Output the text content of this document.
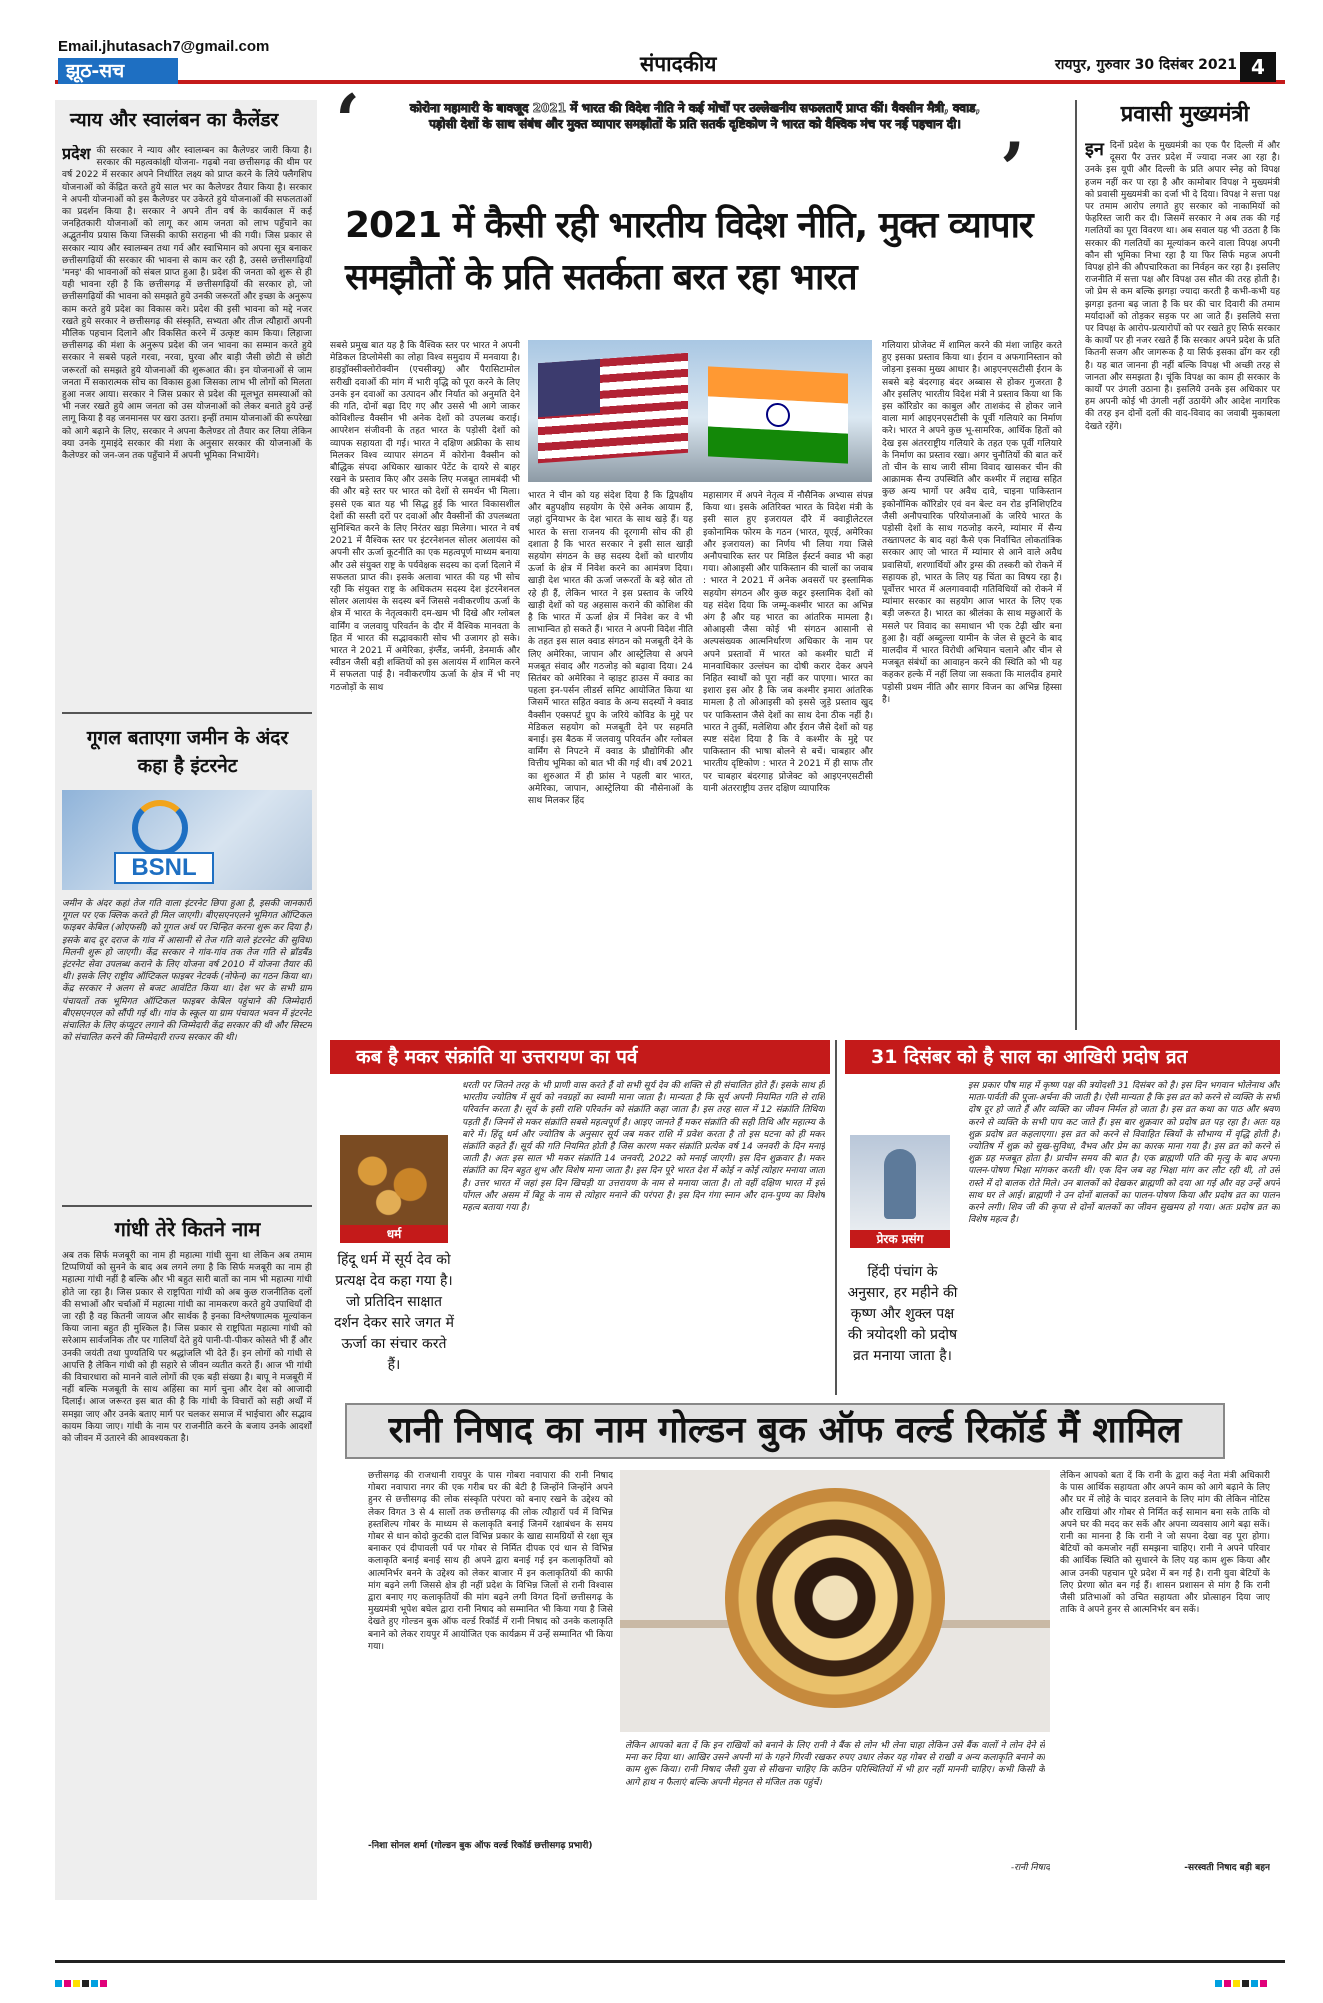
Email.jhutasach7@gmail.com
झूठ-सच	संपादकीय	रायपुर, गुरुवार 30 दिसंबर 2021 4
न्याय और स्वालंबन का कैलेंडर
प्रदेश की सरकार ने न्याय और स्वालम्बन का कैलेण्डर जारी किया है। सरकार की महत्वकांक्षी योजना- गढ़बो नवा छत्तीसगढ़ की थीम पर वर्ष 2022 में सरकार अपने निर्धारित लक्ष्य को प्राप्त करने के लिये फ्लैगशिप योजनाओं को केंद्रित करते हुये साल भर का कैलेण्डर तैयार किया है। सरकार ने अपनी योजनाओं को इस कैलेण्डर पर उकेरते हुये योजनाओं की सफलताओं का प्रदर्शन किया है। सरकार ने अपने तीन वर्ष के कार्यकाल में कई जनहितकारी योजनाओं को लागू कर आम जनता को लाभ पहुँचाने का अद्भुतनीय प्रयास किया जिसकी काफी सराहना भी की गयी। जिस प्रकार से सरकार न्याय और स्वालम्बन तथा गर्व और स्वाभिमान को अपना सूत्र बनाकर छत्तीसगढ़ियों की सरकार की भावना से काम कर रही है, उससे छत्तीसगढ़ियाँ 'मनइ' की भावनाओं को संबल प्राप्त हुआ है। प्रदेश की जनता को शुरू से ही यही भावना रही है कि छत्तीसगढ़ में छत्तीसगढ़ियों की सरकार हो, जो छत्तीसगढ़ियों की भावना को समझते हुये उनकी जरूरतों और इच्छा के अनुरूप काम करते हुये प्रदेश का विकास करे। प्रदेश की इसी भावना को मद्दे नजर रखते हुये सरकार ने छत्तीसगढ़ की संस्कृति, सभ्यता और तीज त्यौहारों अपनी मौलिक पहचान दिलाने और विकसित करने में उत्कृष्ट काम किया। लिहाजा छत्तीसगढ़ की मंशा के अनुरूप प्रदेश की जन भावना का सम्मान करते हुये सरकार ने सबसे पहले गरवा, नरवा, घुरवा और बाड़ी जैसी छोटी से छोटी जरूरतों को समझते हुये योजनाओं की शुरूआत की। इन योजनाओं से जाम जनता में सकारात्मक सोच का विकास हुआ जिसका लाभ भी लोगों को मिलता हुआ नजर आया। सरकार ने जिस प्रकार से प्रदेश की मूलभूत समस्याओं को भी नजर रखते हुये आम जनता को उस योजनाओं को लेकर बनाते हुये उन्हें लागू किया है वह जनमानस पर खरा उतरा। इन्हीं तमाम योजनाओं की रूपरेखा को आगे बढ़ाने के लिए, सरकार ने अपना कैलेण्डर तो तैयार कर लिया लेकिन क्या उनके गुमाइंदे सरकार की मंशा के अनुसार सरकार की योजनाओं के कैलेण्डर को जन-जन तक पहुँचाने में अपनी भूमिका निभायेंगे।
गूगल बताएगा जमीन के अंदर कहा है इंटरनेट
BSNL
जमीन के अंदर कहां तेज गति वाला इंटरनेट छिपा हुआ है, इसकी जानकारी गूगल पर एक क्लिक करते ही मिल जाएगी। बीएसएनएलने भूमिगत ऑप्टिकल फाइबर केबिल (ओएफसी) को गूगल अर्थ पर चिन्हित करना शुरू कर दिया है। इसके बाद दूर दराज के गांव में आसानी से तेज गति वाले इंटरनेट की सुविधा मिलनी शुरू हो जाएगी। केंद्र सरकार ने गांव-गांव तक तेज गति से ब्रॉडबैंड इंटरनेट सेवा उपलब्ध कराने के लिए योजना वर्ष 2010 में योजना तैयार की थी। इसके लिए राष्ट्रीय ऑप्टिकल फाइबर नेटवर्क (नोफेन) का गठन किया था। केंद्र सरकार ने अलग से बजट आवंटित किया था। देश भर के सभी ग्राम पंचायतों तक भूमिगत ऑप्टिकल फाइबर केबिल पहुंचाने की जिम्मेदारी बीएसएनएल को सौंपी गई थी। गांव के स्कूल या ग्राम पंचायत भवन में इंटरनेट संचालित के लिए कंप्यूटर लगाने की जिम्मेदारी केंद्र सरकार की थी और सिस्टम को संचालित करने की जिम्मेदारी राज्य सरकार की थी।
गांधी तेरे कितने नाम
अब तक सिर्फ मजबूरी का नाम ही महात्मा गांधी सुना था लेकिन अब तमाम टिप्पणियों को सुनने के बाद अब लगने लगा है कि सिर्फ मजबूरी का नाम ही महात्मा गांधी नहीं है बल्कि और भी बहुत सारी बातों का नाम भी महात्मा गांधी होते जा रहा है। जिस प्रकार से राष्ट्रपिता गांधी को अब कुछ राजनीतिक दलों की सभाओं और चर्चाओं में महात्मा गांधी का नामकरण करते हुये उपाधियाँ दी जा रही है वह कितनी जायज और सार्थक है इनका विश्लेषणात्मक मूल्यांकन किया जाना बहुत ही मुश्किल है। जिस प्रकार से राष्ट्रपिता महात्मा गांधी को सरेआम सार्वजनिक तौर पर गालियाँ देते हुये पानी-पी-पीकर कोसते भी हैं और उनकी जयंती तथा पुण्यतिथि पर श्रद्धांजलि भी देते हैं। इन लोगों को गांधी से आपत्ति है लेकिन गांधी को ही सहारे से जीवन व्यतीत करते हैं। आज भी गांधी की विचारधारा को मानने वाले लोगों की एक बड़ी संख्या है। बापू ने मजबूरी में नहीं बल्कि मजबूती के साथ अहिंसा का मार्ग चुना और देश को आजादी दिलाई। आज जरूरत इस बात की है कि गांधी के विचारों को सही अर्थों में समझा जाए और उनके बताए मार्ग पर चलकर समाज में भाईचारा और सद्भाव कायम किया जाए। गांधी के नाम पर राजनीति करने के बजाय उनके आदर्शों को जीवन में उतारने की आवश्यकता है।
‘	कोरोना महामारी के बावजूद 2021 में भारत की विदेश नीति ने कई मोर्चों पर उल्लेखनीय सफलताएँ प्राप्त कीं। वैक्सीन मैत्री, क्वाड, पड़ोसी देशों के साथ संबंध और मुक्त व्यापार समझौतों के प्रति सतर्क दृष्टिकोण ने भारत को वैश्विक मंच पर नई पहचान दी।
’
2021 में कैसी रही भारतीय विदेश नीति, मुक्त व्यापार समझौतों के प्रति सतर्कता बरत रहा भारत
सबसे प्रमुख बात यह है कि वैश्विक स्तर पर भारत ने अपनी मेडिकल डिप्लोमेसी का लोहा विश्व समुदाय में मनवाया है। हाइड्रॉक्सीक्लोरोक्वीन (एचसीक्यू) और पैरासिटामोल सरीखी दवाओं की मांग में भारी वृद्धि को पूरा करने के लिए उनके इन दवाओं का उत्पादन और निर्यात को अनुमति देने की गति, दोनों बढ़ा दिए गए और उससे भी आगे जाकर कोविशील्ड वैक्सीन भी अनेक देशों को उपलब्ध कराई। आपरेशन संजीवनी के तहत भारत के पड़ोसी देशों को व्यापक सहायता दी गई। भारत ने दक्षिण अफ्रीका के साथ मिलकर विश्व व्यापार संगठन में कोरोना वैक्सीन को बौद्धिक संपदा अधिकार खाकार पेटेंट के दायरे से बाहर रखने के प्रस्ताव किए और उसके लिए मजबूत लामबंदी भी की और बड़े स्तर पर भारत को देशों से समर्थन भी मिला। इससे एक बात यह भी सिद्ध हुई कि भारत विकासशील देशों की सस्ती दरों पर दवाओं और वैक्सीनों की उपलब्धता सुनिश्चित करने के लिए निरंतर खड़ा मिलेगा। भारत ने वर्ष 2021 में वैश्विक स्तर पर इंटरनेशनल सोलर अलायंस को अपनी सौर ऊर्जा कूटनीति का एक महत्वपूर्ण माध्यम बनाया और उसे संयुक्त राष्ट्र के पर्यवेक्षक सदस्य का दर्जा दिलाने में सफलता प्राप्त की। इसके अलावा भारत की यह भी सोच रही कि संयुक्त राष्ट्र के अधिकतम सदस्य देश इंटरनेशनल सोलर अलायंस के सदस्य बनें जिससे नवीकरणीय ऊर्जा के क्षेत्र में भारत के नेतृत्वकारी दम-खम भी दिखे और ग्लोबल वार्मिंग व जलवायु परिवर्तन के दौर में वैश्विक मानवता के हित में भारत की सद्भावकारी सोच भी उजागर हो सके। भारत ने 2021 में अमेरिका, इंग्लैंड, जर्मनी, डेनमार्क और स्वीडन जैसी बड़ी शक्तियों को इस अलायंस में शामिल करने में सफलता पाई है। नवीकरणीय ऊर्जा के क्षेत्र में भी नए गठजोड़ों के साथ
भारत ने चीन को यह संदेश दिया है कि द्विपक्षीय और बहुपक्षीय सहयोग के ऐसे अनेक आयाम हैं, जहां दुनियाभर के देश भारत के साथ खड़े हैं। यह भारत के सत्ता राजनय की दूरगामी सोच की ही दशाता है कि भारत सरकार ने इसी साल खाड़ी सहयोग संगठन के छह सदस्य देशों को धारणीय ऊर्जा के क्षेत्र में निवेश करने का आमंत्रण दिया। खाड़ी देश भारत की ऊर्जा जरूरतों के बड़े स्रोत तो रहे ही हैं, लेकिन भारत ने इस प्रस्ताव के जरिये खाड़ी देशों को यह अहसास कराने की कोशिश की है कि भारत में ऊर्जा क्षेत्र में निवेश कर वे भी लाभान्वित हो सकते हैं। भारत ने अपनी विदेश नीति के तहत इस साल क्वाड संगठन को मजबूती देने के लिए अमेरिका, जापान और आस्ट्रेलिया से अपने मजबूत संवाद और गठजोड़ को बढ़ावा दिया। 24 सितंबर को अमेरिका ने व्हाइट हाउस में क्वाड का पहला इन-पर्सन लीडर्स समिट आयोजित किया था जिसमें भारत सहित क्वाड के अन्य सदस्यों ने क्वाड वैक्सीन एक्सपर्ट ग्रुप के जरिये कोविड के मुद्दे पर मेडिकल सहयोग को मजबूती देने पर सहमति बनाई। इस बैठक में जलवायु परिवर्तन और ग्लोबल वार्मिंग से निपटने में क्वाड के प्रौद्योगिकी और वित्तीय भूमिका को बात भी की गई थी। वर्ष 2021 का शुरुआत में ही फ्रांस ने पहली बार भारत, अमेरिका, जापान, आस्ट्रेलिया की नौसेनाओं के साथ मिलकर हिंद
महासागर में अपने नेतृत्व में नौसैनिक अभ्यास संपन्न किया था। इसके अतिरिक्त भारत के विदेश मंत्री के इसी साल हुए इजरायल दौरे में क्वाड्रीलेटरल इकोनामिक फोरम के गठन (भारत, यूएई, अमेरिका और इजरायल) का निर्णय भी लिया गया जिसे अनौपचारिक स्तर पर मिडिल ईस्टर्न क्वाड भी कहा गया। ओआइसी और पाकिस्तान की चालों का जवाब : भारत ने 2021 में अनेक अवसरों पर इस्लामिक सहयोग संगठन और कुछ कट्टर इस्लामिक देशों को यह संदेश दिया कि जम्मू-कश्मीर भारत का अभिन्न अंग है और यह भारत का आंतरिक मामला है। ओआइसी जैसा कोई भी संगठन आसानी से अल्पसंख्यक आत्मनिर्धारण अधिकार के नाम पर अपने प्रस्तावों में भारत को कश्मीर घाटी में मानवाधिकार उल्लंघन का दोषी करार देकर अपने निहित स्वार्थों को पूरा नहीं कर पाएगा। भारत का इशारा इस ओर है कि जब कश्मीर इमारा आंतरिक मामला है तो ओआइसी को इससे जुड़े प्रस्ताव खुद पर पाकिस्तान जैसे देशों का साथ देना ठीक नहीं है। भारत ने तुर्की, मलेशिया और ईरान जैसे देशों को यह स्पष्ट संदेश दिया है कि वे कश्मीर के मुद्दे पर पाकिस्तान की भाषा बोलने से बचें। चाबहार और भारतीय दृष्टिकोण : भारत ने 2021 में ही साफ तौर पर चाबहार बंदरगाह प्रोजेक्ट को आइएनएसटीसी यानी अंतरराष्ट्रीय उत्तर दक्षिण व्यापारिक
गलियारा प्रोजेक्ट में शामिल करने की मंशा जाहिर करते हुए इसका प्रस्ताव किया था। ईरान व अफगानिस्तान को जोड़ना इसका मुख्य आधार है। आइएनएसटीसी ईरान के सबसे बड़े बंदरगाह बंदर अब्बास से होकर गुजरता है और इसलिए भारतीय विदेश मंत्री ने प्रस्ताव किया था कि इस कॉरिडोर का काबुल और ताशकंद से होकर जाने वाला मार्ग आइएनएसटीसी के पूर्वी गलियारे का निर्माण करे। भारत ने अपने कुछ भू-सामरिक, आर्थिक हितों को देख इस अंतरराष्ट्रीय गलियारे के तहत एक पूर्वी गलियारे के निर्माण का प्रस्ताव रखा। अगर चुनौतियों की बात करें तो चीन के साथ जारी सीमा विवाद खासकर चीन की आक्रामक सैन्य उपस्थिति और कश्मीर में लद्दाख सहित कुछ अन्य भागों पर अवैध दावे, चाइना पाकिस्तान इकोनॉमिक कॉरिडोर एवं वन बेल्ट वन रोड इनिशिएटिव जैसी अनौपचारिक परियोजनाओं के जरिये भारत के पड़ोसी देशों के साथ गठजोड़ करने, म्यांमार में सैन्य तख्तापलट के बाद वहां कैसे एक निर्वाचित लोकतांत्रिक सरकार आए जो भारत में म्यांमार से आने वाले अवैध प्रवासियों, शरणार्थियों और ड्रग्स की तस्करी को रोकने में सहायक हो, भारत के लिए यह चिंता का विषय रहा है। पूर्वोत्तर भारत में अलगाववादी गतिविधियों को रोकने में म्यांमार सरकार का सहयोग आज भारत के लिए एक बड़ी जरूरत है। भारत का श्रीलंका के साथ मछुआरों के मसले पर विवाद का समाधान भी एक टेढ़ी खीर बना हुआ है। वहीं अब्दुल्ला यामीन के जेल से छूटने के बाद मालदीव में भारत विरोधी अभियान चलाने और चीन से मजबूत संबंधों का आवाहन करने की स्थिति को भी यह कहकर हल्के में नहीं लिया जा सकता कि मालदीव हमारे पड़ोसी प्रथम नीति और सागर विजन का अभिन्न हिस्सा है।
प्रवासी मुख्यमंत्री
इन दिनों प्रदेश के मुख्यमंत्री का एक पैर दिल्ली में और दूसरा पैर उत्तर प्रदेश में ज्यादा नजर आ रहा है। उनके इस यूपी और दिल्ली के प्रति अपार स्नेह को विपक्ष हजम नहीं कर पा रहा है और कामोबार विपक्ष ने मुख्यमंत्री को प्रवासी मुख्यमंत्री का दर्जा भी दे दिया। विपक्ष ने सत्ता पक्ष पर तमाम आरोप लगाते हुए सरकार को नाकामियों को फेहरिस्त जारी कर दी। जिसमें सरकार ने अब तक की गई गलतियों का पूरा विवरण था। अब सवाल यह भी उठता है कि सरकार की गलतियों का मूल्यांकन करने वाला विपक्ष अपनी कौन सी भूमिका निभा रहा है या फिर सिर्फ महज अपनी विपक्ष होने की औपचारिकता का निर्वहन कर रहा है। इसलिए राजनीति में सत्ता पक्ष और विपक्ष उस सौत की तरह होती है। जो प्रेम से कम बल्कि झगड़ा ज्यादा करती है कभी-कभी यह झगड़ा इतना बढ़ जाता है कि घर की चार दिवारी की तमाम मर्यादाओं को तोड़कर सड़क पर आ जाते हैं। इसलिये सत्ता पर विपक्ष के आरोप-प्रत्यारोपों को पर रखते हुए सिर्फ सरकार के कार्यों पर ही नजर रखते हैं कि सरकार अपने प्रदेश के प्रति कितनी सजग और जागरूक है या सिर्फ इसका ढोंग कर रही है। यह बात जानना ही नहीं बल्कि विपक्ष भी अच्छी तरह से जानता और समझता है। चूंकि विपक्ष का काम ही सरकार के कार्यों पर उंगली उठाना है। इसलिये उनके इस अधिकार पर हम अपनी कोई भी उंगली नहीं उठायेंगे और आदेश नागरिक की तरह इन दोनों दलों की वाद-विवाद का जवाबी मुकाबला देखते रहेंगे।
कब है मकर संक्रांति या उत्तरायण का पर्व
धर्म
हिंदू धर्म में सूर्य देव को प्रत्यक्ष देव कहा गया है। जो प्रतिदिन साक्षात दर्शन देकर सारे जगत में ऊर्जा का संचार करते हैं।
धरती पर जितने तरह के भी प्राणी वास करते हैं वो सभी सूर्य देव की शक्ति से ही संचालित होते हैं। इसके साथ ही भारतीय ज्योतिष में सूर्य को नवग्रहों का स्वामी माना जाता है। मान्यता है कि सूर्य अपनी नियमित गति से राशि परिवर्तन करता है। सूर्य के इसी राशि परिवर्तन को संक्रांति कहा जाता है। इस तरह साल में 12 संक्रांति तिथियां पड़ती हैं। जिनमें से मकर संक्रांति सबसे महत्वपूर्ण है। आइए जानते हैं मकर संक्रांति की सही तिथि और महात्म्य के बारे में। हिंदू धर्म और ज्योतिष के अनुसार सूर्य जब मकर राशि में प्रवेश करता है तो इस घटना को ही मकर संक्रांति कहते हैं। सूर्य की गति नियमित होती है जिस कारण मकर संक्रांति प्रत्येक वर्ष 14 जनवरी के दिन मनाई जाती है। अतः इस साल भी मकर संक्रांति 14 जनवरी, 2022 को मनाई जाएगी। इस दिन शुक्रवार है। मकर संक्रांति का दिन बहुत शुभ और विशेष माना जाता है। इस दिन पूरे भारत देश में कोई न कोई त्योहार मनाया जाता है। उत्तर भारत में जहां इस दिन खिचड़ी या उत्तरायण के नाम से मनाया जाता है। तो वहीं दक्षिण भारत में इसे पोंगल और असम में बिहू के नाम से त्योहार मनाने की परंपरा है। इस दिन गंगा स्नान और दान-पुण्य का विशेष महत्व बताया गया है।
31 दिसंबर को है साल का आखिरी प्रदोष व्रत
प्रेरक प्रसंग
हिंदी पंचांग के अनुसार, हर महीने की कृष्ण और शुक्ल पक्ष की त्रयोदशी को प्रदोष व्रत मनाया जाता है।
इस प्रकार पौष माह में कृष्ण पक्ष की त्रयोदशी 31 दिसंबर को है। इस दिन भगवान भोलेनाथ और माता-पार्वती की पूजा-अर्चना की जाती है। ऐसी मान्यता है कि इस व्रत को करने से व्यक्ति के सभी दोष दूर हो जाते हैं और व्यक्ति का जीवन निर्मल हो जाता है। इस व्रत कथा का पाठ और श्रवण करने से व्यक्ति के सभी पाप कट जाते हैं। इस बार शुक्रवार को प्रदोष व्रत पड़ रहा है। अतः यह शुक्र प्रदोष व्रत कहलाएगा। इस व्रत को करने से विवाहित स्त्रियों के सौभाग्य में वृद्धि होती है। ज्योतिष में शुक्र को सुख-सुविधा, वैभव और प्रेम का कारक माना गया है। इस व्रत को करने से शुक्र ग्रह मजबूत होता है। प्राचीन समय की बात है। एक ब्राह्मणी पति की मृत्यु के बाद अपना पालन-पोषण भिक्षा मांगकर करती थी। एक दिन जब वह भिक्षा मांग कर लौट रही थी, तो उसे रास्ते में दो बालक रोते मिले। उन बालकों को देखकर ब्राह्मणी को दया आ गई और वह उन्हें अपने साथ घर ले आई। ब्राह्मणी ने उन दोनों बालकों का पालन-पोषण किया और प्रदोष व्रत का पालन करने लगी। शिव जी की कृपा से दोनों बालकों का जीवन सुखमय हो गया। अतः प्रदोष व्रत का विशेष महत्व है।
रानी निषाद का नाम गोल्डन बुक ऑफ वर्ल्ड रिकॉर्ड मैं शामिल
छत्तीसगढ़ की राजधानी रायपुर के पास गोबरा नवापारा की रानी निषाद गोबरा नवापारा नगर की एक गरीब घर की बेटी है जिन्होंने जिन्होंने अपने हुनर से छत्तीसगढ़ की लोक संस्कृति परंपरा को बनाए रखने के उद्देश्य को लेकर विगत 3 से 4 सालों तक छत्तीसगढ़ की लोक त्यौहारों पर्व में विभिन्न हस्तशिल्प गोबर के माध्यम से कलाकृति बनाई जिनमें रक्षाबंधन के समय गोबर से धान कोदो कुटकी दाल विभिन्न प्रकार के खाद्य सामग्रियों से रक्षा सूत्र बनाकर एवं दीपावली पर्व पर गोबर से निर्मित दीपक एवं धान से विभिन्न कलाकृति बनाई बनाई साथ ही अपने द्वारा बनाई गई इन कलाकृतियों को आत्मनिर्भर बनने के उद्देश्य को लेकर बाजार में इन कलाकृतियों की काफी मांग बढ़ने लगी जिससे क्षेत्र ही नहीं प्रदेश के विभिन्न जिलों से रानी विश्वास द्वारा बनाए गए कलाकृतियों की मांग बढ़ने लगी विगत दिनों छत्तीसगढ़ के मुख्यमंत्री भूपेश बघेल द्वारा रानी निषाद को सम्मानित भी किया गया है जिसे देखते हुए गोल्डन बुक ऑफ वर्ल्ड रिकॉर्ड में रानी निषाद को उनके कलाकृति बनाने को लेकर रायपुर में आयोजित एक कार्यक्रम में उन्हें सम्मानित भी किया गया।
-निशा सोनल शर्मा (गोल्डन बुक ऑफ वर्ल्ड रिकॉर्ड छत्तीसगढ़ प्रभारी)
लेकिन आपको बता दें कि इन राखियों को बनाने के लिए रानी ने बैंक से लोन भी लेना चाहा लेकिन उसे बैंक वालों ने लोन देने से मना कर दिया था। आखिर उसने अपनी मां के गहने गिरवी रखकर रुपए उधार लेकर यह गोबर से राखी व अन्य कलाकृति बनाने का काम शुरू किया। रानी निषाद जैसी युवा से सीखना चाहिए कि कठिन परिस्थितियों में भी हार नहीं माननी चाहिए। कभी किसी के आगे हाथ न फैलाएं बल्कि अपनी मेहनत से मंजिल तक पहुंचें।
-रानी निषाद
लेकिन आपको बता दें कि रानी के द्वारा कई नेता मंत्री अधिकारी के पास आर्थिक सहायता और अपने काम को आगे बढ़ाने के लिए और घर में लोहे के चादर डलवाने के लिए मांग की लेकिन नोटिस और राखियां और गोबर से निर्मित कई सामान बना सके ताकि वो अपने घर की मदद कर सकें और अपना व्यवसाय आगे बढ़ा सकें। रानी का मानना है कि रानी ने जो सपना देखा वह पूरा होगा। बेटियों को कमजोर नहीं समझना चाहिए। रानी ने अपने परिवार की आर्थिक स्थिति को सुधारने के लिए यह काम शुरू किया और आज उनकी पहचान पूरे प्रदेश में बन गई है। रानी युवा बेटियों के लिए प्रेरणा स्रोत बन गई हैं। शासन प्रशासन से मांग है कि रानी जैसी प्रतिभाओं को उचित सहायता और प्रोत्साहन दिया जाए ताकि वे अपने हुनर से आत्मनिर्भर बन सकें।
-सरस्वती निषाद बड़ी बहन
